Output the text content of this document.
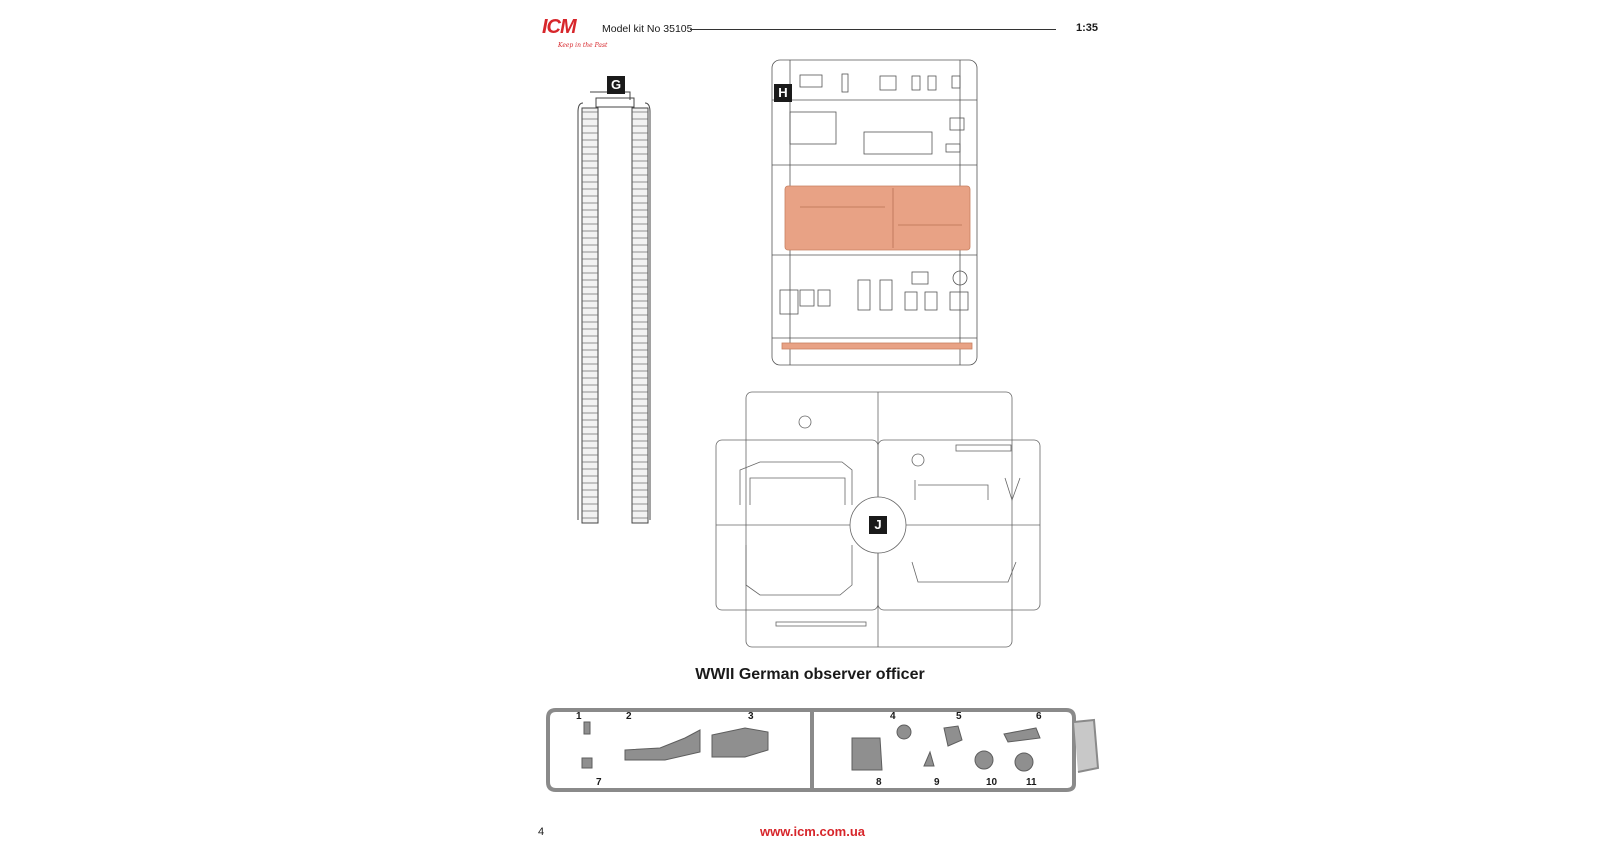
ICM
Keep in the Past
Model kit No 35105	1:35
G
H
J
WWII German observer officer
1	2	3	4	5	6
7	8	9	10	11
4	www.icm.com.ua
